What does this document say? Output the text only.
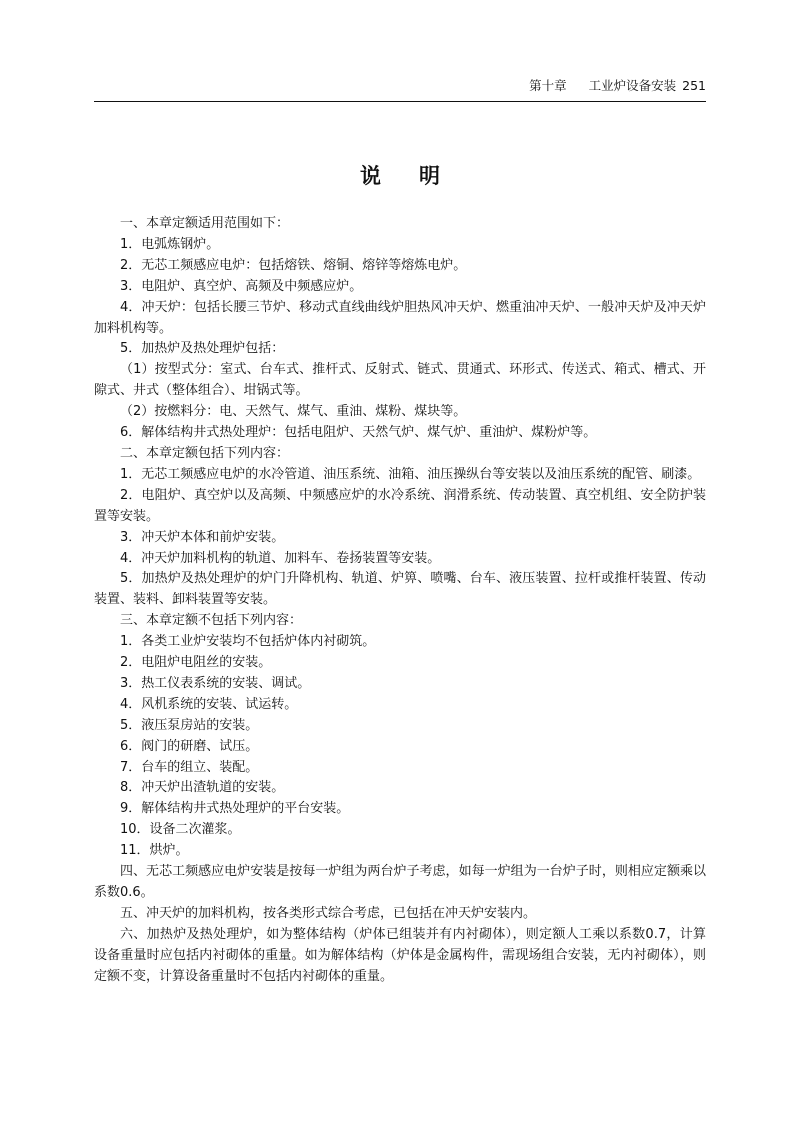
第十章 工业炉设备安装 251
说明

一、本章定额适用范围如下：

1．电弧炼钢炉。

2．无芯工频感应电炉：包括熔铁、熔铜、熔锌等熔炼电炉。

3．电阻炉、真空炉、高频及中频感应炉。

4．冲天炉：包括长腰三节炉、移动式直线曲线炉胆热风冲天炉、燃重油冲天炉、一般冲天炉及冲天炉加料机构等。

5．加热炉及热处理炉包括：

（1）按型式分：室式、台车式、推杆式、反射式、链式、贯通式、环形式、传送式、箱式、槽式、开隙式、井式（整体组合）、坩锅式等。

（2）按燃料分：电、天然气、煤气、重油、煤粉、煤块等。

6．解体结构井式热处理炉：包括电阻炉、天然气炉、煤气炉、重油炉、煤粉炉等。

二、本章定额包括下列内容：

1．无芯工频感应电炉的水冷管道、油压系统、油箱、油压操纵台等安装以及油压系统的配管、刷漆。

2．电阻炉、真空炉以及高频、中频感应炉的水冷系统、润滑系统、传动装置、真空机组、安全防护装置等安装。

3．冲天炉本体和前炉安装。

4．冲天炉加料机构的轨道、加料车、卷扬装置等安装。

5．加热炉及热处理炉的炉门升降机构、轨道、炉箅、喷嘴、台车、液压装置、拉杆或推杆装置、传动装置、装料、卸料装置等安装。

三、本章定额不包括下列内容：

1．各类工业炉安装均不包括炉体内衬砌筑。

2．电阻炉电阻丝的安装。

3．热工仪表系统的安装、调试。

4．风机系统的安装、试运转。

5．液压泵房站的安装。

6．阀门的研磨、试压。

7．台车的组立、装配。

8．冲天炉出渣轨道的安装。

9．解体结构井式热处理炉的平台安装。

10．设备二次灌浆。

11．烘炉。

四、无芯工频感应电炉安装是按每一炉组为两台炉子考虑，如每一炉组为一台炉子时，则相应定额乘以系数0.6。

五、冲天炉的加料机构，按各类形式综合考虑，已包括在冲天炉安装内。

六、加热炉及热处理炉，如为整体结构（炉体已组装并有内衬砌体），则定额人工乘以系数0.7，计算设备重量时应包括内衬砌体的重量。如为解体结构（炉体是金属构件，需现场组合安装，无内衬砌体），则定额不变，计算设备重量时不包括内衬砌体的重量。
